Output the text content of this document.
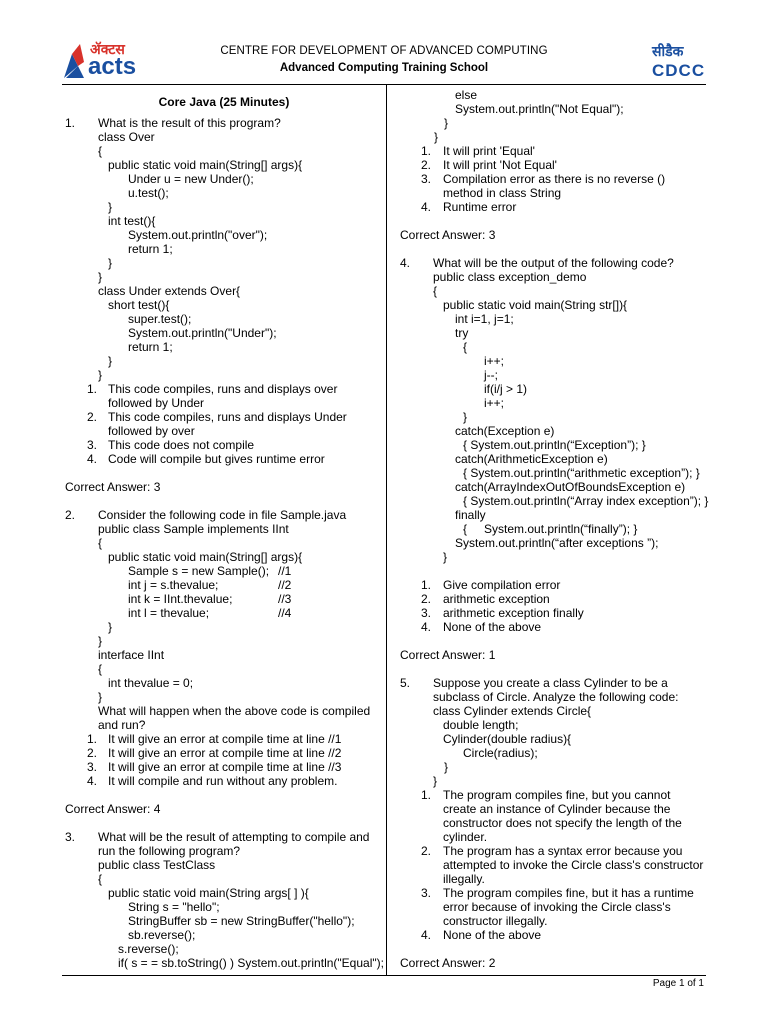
ॲक्टस
acts
CENTRE FOR DEVELOPMENT OF ADVANCED COMPUTING
Advanced Computing Training School
सीडैक
CDCC
Core Java (25 Minutes)
1. What is the result of this program?
class Over
{
public static void main(String[] args){
Under u = new Under();
u.test();
}
int test(){
System.out.println("over");
return 1;
}
}
class Under extends Over{
short test(){
super.test();
System.out.println("Under");
return 1;
}
}
1. This code compiles, runs and displays over
followed by Under
2. This code compiles, runs and displays Under
followed by over
3. This code does not compile
4. Code will compile but gives runtime error
Correct Answer: 3
2. Consider the following code in file Sample.java
public class Sample implements IInt
{
public static void main(String[] args){
Sample s = new Sample(); //1
int j = s.thevalue;	//2
int k = IInt.thevalue;	//3
int l = thevalue;	//4
}
}
interface IInt
{
int thevalue = 0;
}
What will happen when the above code is compiled
and run?
1. It will give an error at compile time at line //1
2. It will give an error at compile time at line //2
3. It will give an error at compile time at line //3
4. It will compile and run without any problem.
Correct Answer: 4
3. What will be the result of attempting to compile and
run the following program?
public class TestClass
{
public static void main(String args[ ] ){
String s = "hello";
StringBuffer sb = new StringBuffer("hello");
sb.reverse();
s.reverse();
if( s = = sb.toString() ) System.out.println("Equal");
else
System.out.println("Not Equal");
}
}
1. It will print 'Equal'
2. It will print 'Not Equal'
3. Compilation error as there is no reverse ()
method in class String
4. Runtime error
Correct Answer: 3
4. What will be the output of the following code?
public class exception_demo
{
public static void main(String str[]){
int i=1, j=1;
try
{
i++;
j--;
if(i/j > 1)
i++;
}
catch(Exception e)
{ System.out.println(“Exception”); }
catch(ArithmeticException e)
{ System.out.println(“arithmetic exception”); }
catch(ArrayIndexOutOfBoundsException e)
{ System.out.println(“Array index exception”); }
finally
{ System.out.println(“finally”); }
System.out.println(“after exceptions ”);
}
1. Give compilation error
2. arithmetic exception
3. arithmetic exception finally
4. None of the above
Correct Answer: 1
5. Suppose you create a class Cylinder to be a
subclass of Circle. Analyze the following code:
class Cylinder extends Circle{
double length;
Cylinder(double radius){
Circle(radius);
}
}
1. The program compiles fine, but you cannot
create an instance of Cylinder because the
constructor does not specify the length of the
cylinder.
2. The program has a syntax error because you
attempted to invoke the Circle class's constructor
illegally.
3. The program compiles fine, but it has a runtime
error because of invoking the Circle class's
constructor illegally.
4. None of the above
Correct Answer: 2
Page 1 of 1
